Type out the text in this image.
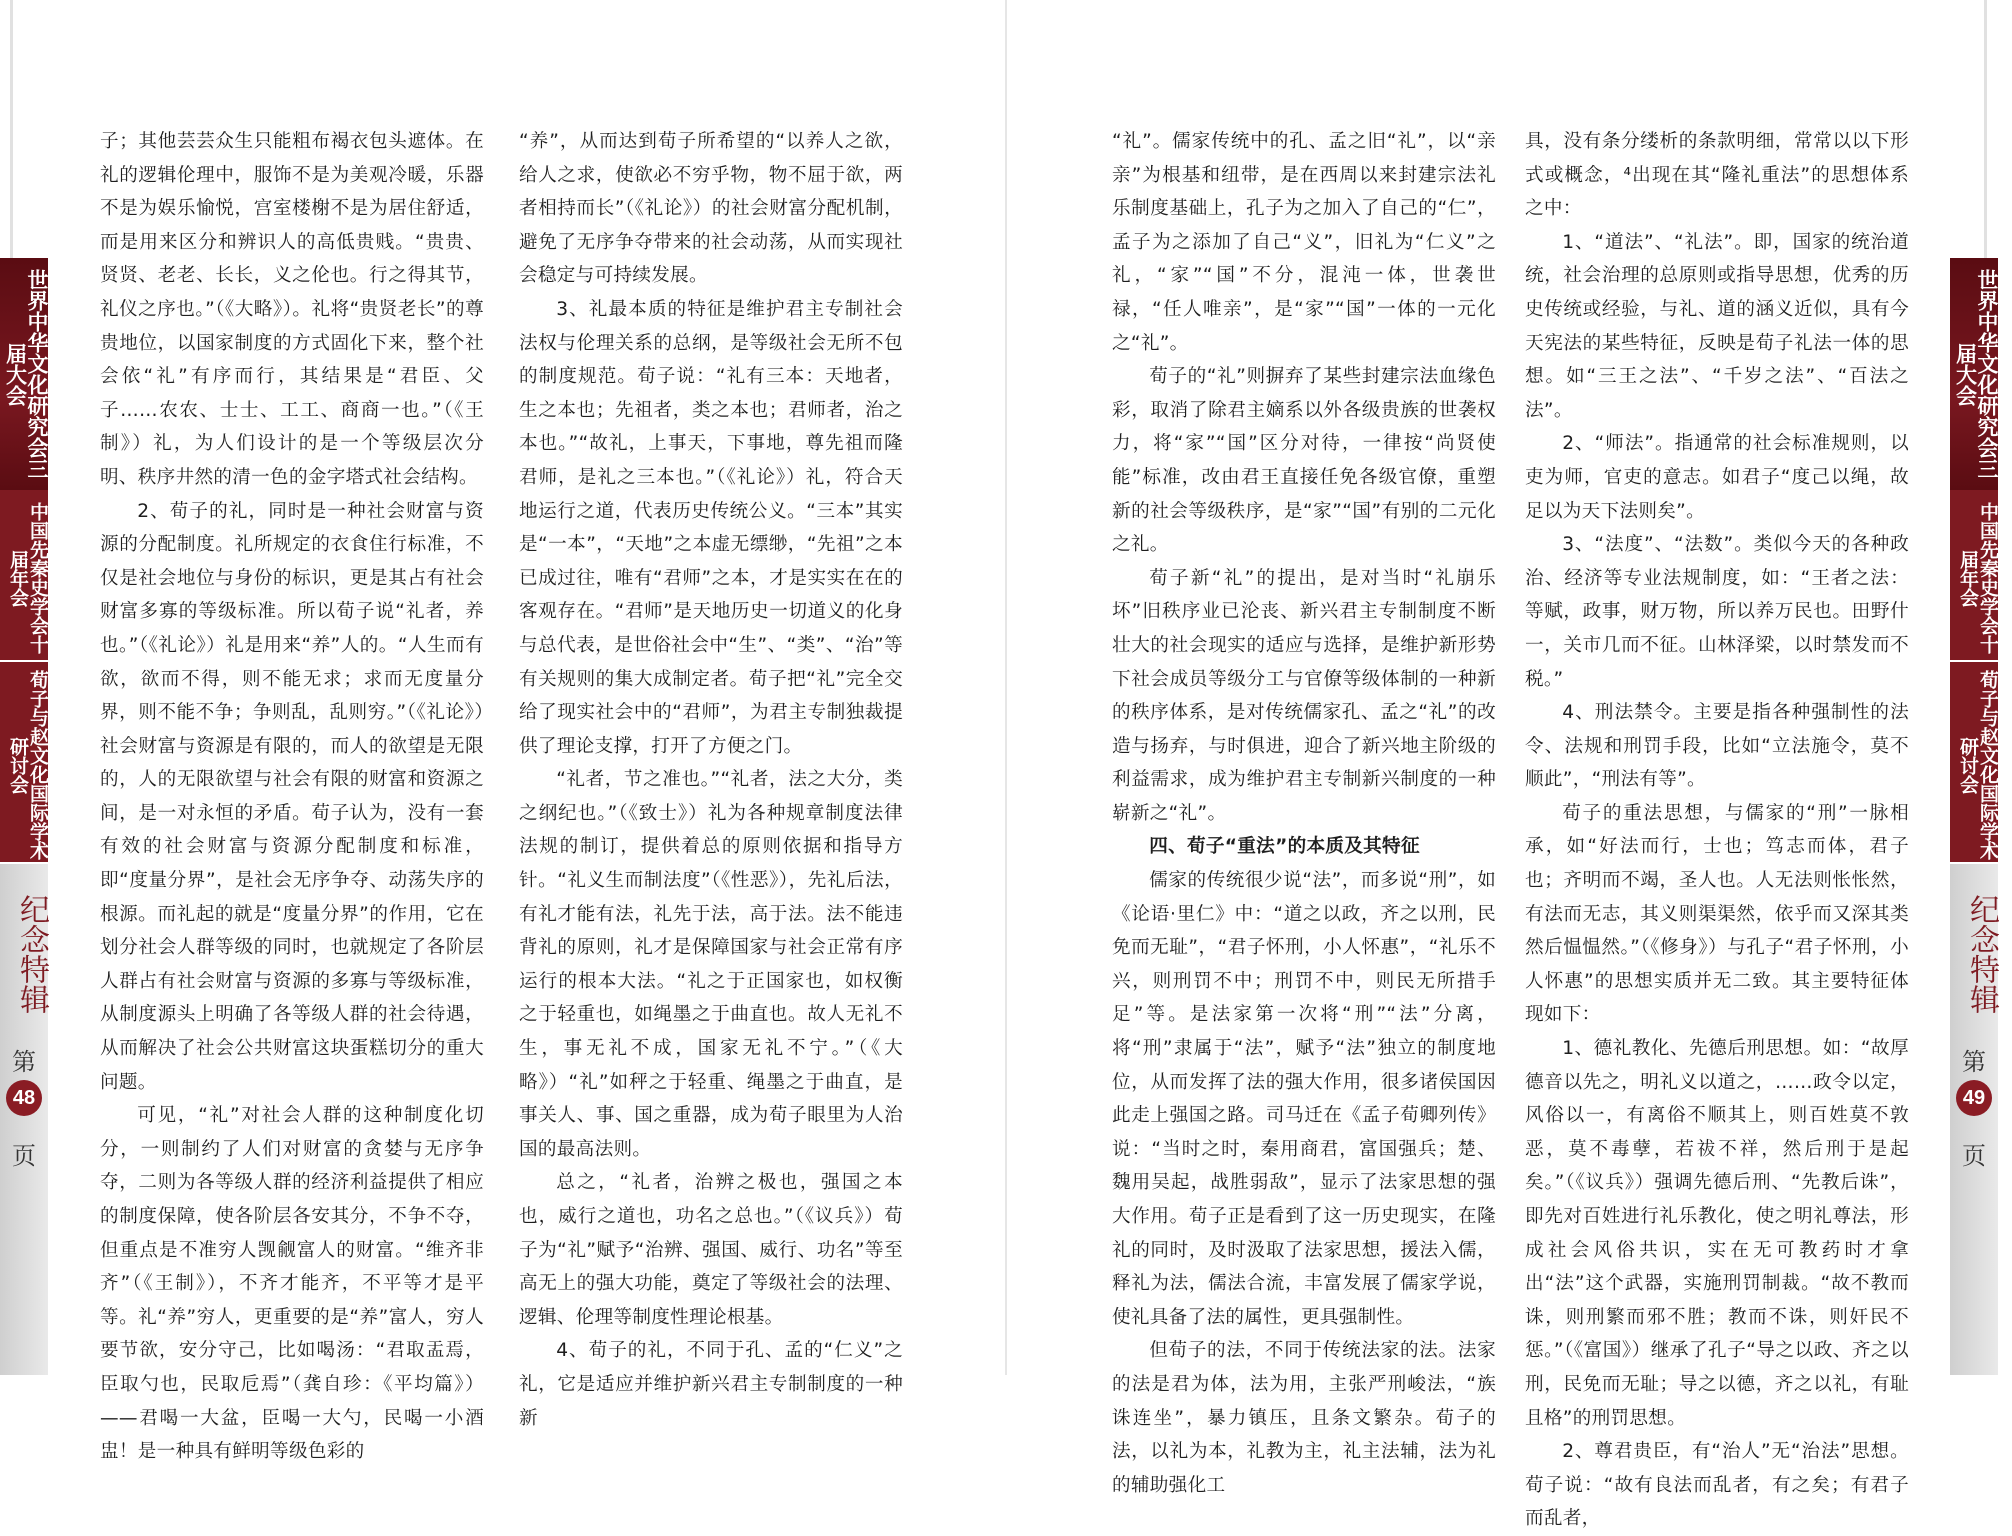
世界中华文化研究会三届大会
中国先秦史学会十届年会
荀子与赵文化国际学术研讨会
纪念特辑
第
48
页

子；其他芸芸众生只能粗布褐衣包头遮体。在礼的逻辑伦理中，服饰不是为美观冷暖，乐器不是为娱乐愉悦，宫室楼榭不是为居住舒适，而是用来区分和辨识人的高低贵贱。“贵贵、贤贤、老老、长长，义之伦也。行之得其节，礼仪之序也。”（《大略》）。礼将“贵贤老长”的尊贵地位，以国家制度的方式固化下来，整个社会依“礼”有序而行，其结果是“君臣、父子……农农、士士、工工、商商一也。”（《王制》）礼，为人们设计的是一个等级层次分明、秩序井然的清一色的金字塔式社会结构。

2、荀子的礼，同时是一种社会财富与资源的分配制度。礼所规定的衣食住行标准，不仅是社会地位与身份的标识，更是其占有社会财富多寡的等级标准。所以荀子说“礼者，养也。”（《礼论》）礼是用来“养”人的。“人生而有欲，欲而不得，则不能无求；求而无度量分界，则不能不争；争则乱，乱则穷。”（《礼论》）社会财富与资源是有限的，而人的欲望是无限的，人的无限欲望与社会有限的财富和资源之间，是一对永恒的矛盾。荀子认为，没有一套有效的社会财富与资源分配制度和标准，即“度量分界”，是社会无序争夺、动荡失序的根源。而礼起的就是“度量分界”的作用，它在划分社会人群等级的同时，也就规定了各阶层人群占有社会财富与资源的多寡与等级标准，从制度源头上明确了各等级人群的社会待遇，从而解决了社会公共财富这块蛋糕切分的重大问题。

可见，“礼”对社会人群的这种制度化切分，一则制约了人们对财富的贪婪与无序争夺，二则为各等级人群的经济利益提供了相应的制度保障，使各阶层各安其分，不争不夺，但重点是不准穷人觊觎富人的财富。“维齐非齐”（《王制》），不齐才能齐，不平等才是平等。礼“养”穷人，更重要的是“养”富人，穷人要节欲，安分守己，比如喝汤：“君取盂焉，臣取勺也，民取卮焉”（龚自珍：《平均篇》）——君喝一大盆，臣喝一大勺，民喝一小酒盅！是一种具有鲜明等级色彩的

“养”，从而达到荀子所希望的“以养人之欲，给人之求，使欲必不穷乎物，物不屈于欲，两者相持而长”（《礼论》）的社会财富分配机制，避免了无序争夺带来的社会动荡，从而实现社会稳定与可持续发展。

3、礼最本质的特征是维护君主专制社会法权与伦理关系的总纲，是等级社会无所不包的制度规范。荀子说：“礼有三本：天地者，生之本也；先祖者，类之本也；君师者，治之本也。”“故礼，上事天，下事地，尊先祖而隆君师，是礼之三本也。”（《礼论》）礼，符合天地运行之道，代表历史传统公义。“三本”其实是“一本”，“天地”之本虚无缥缈，“先祖”之本已成过往，唯有“君师”之本，才是实实在在的客观存在。“君师”是天地历史一切道义的化身与总代表，是世俗社会中“生”、“类”、“治”等有关规则的集大成制定者。荀子把“礼”完全交给了现实社会中的“君师”，为君主专制独裁提供了理论支撑，打开了方便之门。

“礼者，节之准也。”“礼者，法之大分，类之纲纪也。”（《致士》）礼为各种规章制度法律法规的制订，提供着总的原则依据和指导方针。“礼义生而制法度”（《性恶》），先礼后法，有礼才能有法，礼先于法，高于法。法不能违背礼的原则，礼才是保障国家与社会正常有序运行的根本大法。“礼之于正国家也，如权衡之于轻重也，如绳墨之于曲直也。故人无礼不生，事无礼不成，国家无礼不宁。”（《大略》）“礼”如秤之于轻重、绳墨之于曲直，是事关人、事、国之重器，成为荀子眼里为人治国的最高法则。

总之，“礼者，治辨之极也，强国之本也，威行之道也，功名之总也。”（《议兵》）荀子为“礼”赋予“治辨、强国、威行、功名”等至高无上的强大功能，奠定了等级社会的法理、逻辑、伦理等制度性理论根基。

4、荀子的礼，不同于孔、孟的“仁义”之礼，它是适应并维护新兴君主专制制度的一种新

“礼”。儒家传统中的孔、孟之旧“礼”，以“亲亲”为根基和纽带，是在西周以来封建宗法礼乐制度基础上，孔子为之加入了自己的“仁”，孟子为之添加了自己“义”，旧礼为“仁义”之礼，“家”“国”不分，混沌一体，世袭世禄，“任人唯亲”，是“家”“国”一体的一元化之“礼”。

荀子的“礼”则摒弃了某些封建宗法血缘色彩，取消了除君主嫡系以外各级贵族的世袭权力，将“家”“国”区分对待，一律按“尚贤使能”标准，改由君王直接任免各级官僚，重塑新的社会等级秩序，是“家”“国”有别的二元化之礼。

荀子新“礼”的提出，是对当时“礼崩乐坏”旧秩序业已沦丧、新兴君主专制制度不断壮大的社会现实的适应与选择，是维护新形势下社会成员等级分工与官僚等级体制的一种新的秩序体系，是对传统儒家孔、孟之“礼”的改造与扬弃，与时俱进，迎合了新兴地主阶级的利益需求，成为维护君主专制新兴制度的一种崭新之“礼”。

四、荀子“重法”的本质及其特征

儒家的传统很少说“法”，而多说“刑”，如《论语·里仁》中：“道之以政，齐之以刑，民免而无耻”，“君子怀刑，小人怀惠”，“礼乐不兴，则刑罚不中；刑罚不中，则民无所措手足”等。是法家第一次将“刑”“法”分离，将“刑”隶属于“法”，赋予“法”独立的制度地位，从而发挥了法的强大作用，很多诸侯国因此走上强国之路。司马迁在《孟子荀卿列传》说：“当时之时，秦用商君，富国强兵；楚、魏用吴起，战胜弱敌”，显示了法家思想的强大作用。荀子正是看到了这一历史现实，在隆礼的同时，及时汲取了法家思想，援法入儒，释礼为法，儒法合流，丰富发展了儒家学说，使礼具备了法的属性，更具强制性。

但荀子的法，不同于传统法家的法。法家的法是君为体，法为用，主张严刑峻法，“族诛连坐”，暴力镇压，且条文繁杂。荀子的法，以礼为本，礼教为主，礼主法辅，法为礼的辅助强化工

具，没有条分缕析的条款明细，常常以以下形式或概念，⁴出现在其“隆礼重法”的思想体系之中：

1、“道法”、“礼法”。即，国家的统治道统，社会治理的总原则或指导思想，优秀的历史传统或经验，与礼、道的涵义近似，具有今天宪法的某些特征，反映是荀子礼法一体的思想。如“三王之法”、“千岁之法”、“百法之法”。

2、“师法”。指通常的社会标准规则，以吏为师，官吏的意志。如君子“度己以绳，故足以为天下法则矣”。

3、“法度”、“法数”。类似今天的各种政治、经济等专业法规制度，如：“王者之法：等赋，政事，财万物，所以养万民也。田野什一，关市几而不征。山林泽梁，以时禁发而不税。”

4、刑法禁令。主要是指各种强制性的法令、法规和刑罚手段，比如“立法施令，莫不顺此”，“刑法有等”。

荀子的重法思想，与儒家的“刑”一脉相承，如“好法而行，士也；笃志而体，君子也；齐明而不竭，圣人也。人无法则怅怅然，有法而无志，其义则渠渠然，依乎而又深其类然后愠愠然。”（《修身》）与孔子“君子怀刑，小人怀惠”的思想实质并无二致。其主要特征体现如下：

1、德礼教化、先德后刑思想。如：“故厚德音以先之，明礼义以道之，……政令以定，风俗以一，有离俗不顺其上，则百姓莫不敦恶，莫不毒孽，若祓不祥，然后刑于是起矣。”（《议兵》）强调先德后刑、“先教后诛”，即先对百姓进行礼乐教化，使之明礼尊法，形成社会风俗共识，实在无可教药时才拿出“法”这个武器，实施刑罚制裁。“故不教而诛，则刑繁而邪不胜；教而不诛，则奸民不惩。”（《富国》）继承了孔子“导之以政、齐之以刑，民免而无耻；导之以德，齐之以礼，有耻且格”的刑罚思想。

2、尊君贵臣，有“治人”无“治法”思想。荀子说：“故有良法而乱者，有之矣；有君子而乱者，

世界中华文化研究会三届大会
中国先秦史学会十届年会
荀子与赵文化国际学术研讨会
纪念特辑
第
49
页
